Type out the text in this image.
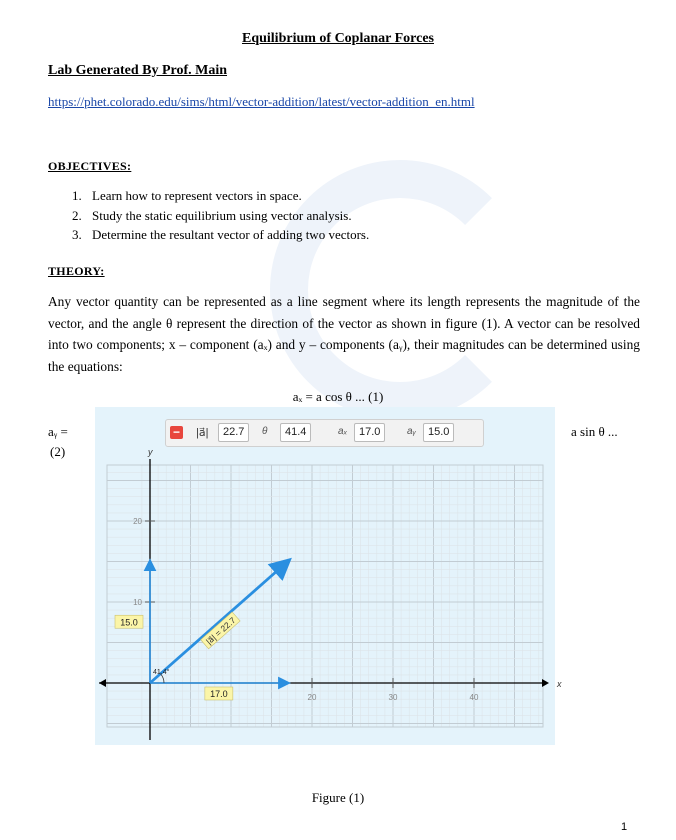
Equilibrium of Coplanar Forces
Lab Generated By Prof. Main
https://phet.colorado.edu/sims/html/vector-addition/latest/vector-addition_en.html
OBJECTIVES:
1. Learn how to represent vectors in space.
2. Study the static equilibrium using vector analysis.
3. Determine the resultant vector of adding two vectors.
THEORY:
Any vector quantity can be represented as a line segment where its length represents the magnitude of the vector, and the angle θ represent the direction of the vector as shown in figure (1). A vector can be resolved into two components; x – component (aₓ) and y – components (aᵧ), their magnitudes can be determined using the equations:
aₓ = a cos θ ... (1)
aᵧ =
(2)
a sin θ ...
− |a⃗|	22.7	θ	41.4	aₓ	17.0	aᵧ	15.0
x
y
20	30	40
20
10
41.4°
|a⃗| = 22.7
17.0
15.0
Figure (1)
1
